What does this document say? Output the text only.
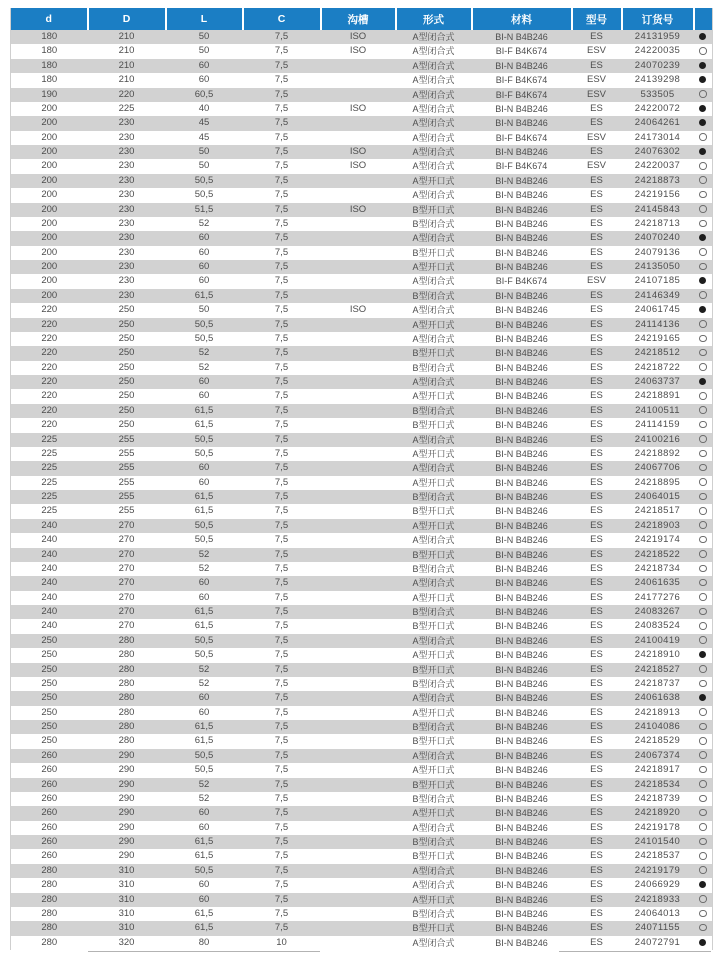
d	D	L	C	沟槽	形式	材料	型号	订货号	
180	210	50	7,5	ISO	A型闭合式	BI-N B4B246	ES	24131959	
180	210	50	7,5	ISO	A型闭合式	BI-F B4K674	ESV	24220035	
180	210	60	7,5		A型闭合式	BI-N B4B246	ES	24070239	
180	210	60	7,5		A型闭合式	BI-F B4K674	ESV	24139298	
190	220	60,5	7,5		A型闭合式	BI-F B4K674	ESV	533505	
200	225	40	7,5	ISO	A型闭合式	BI-N B4B246	ES	24220072	
200	230	45	7,5		A型闭合式	BI-N B4B246	ES	24064261	
200	230	45	7,5		A型闭合式	BI-F B4K674	ESV	24173014	
200	230	50	7,5	ISO	A型闭合式	BI-N B4B246	ES	24076302	
200	230	50	7,5	ISO	A型闭合式	BI-F B4K674	ESV	24220037	
200	230	50,5	7,5		A型开口式	BI-N B4B246	ES	24218873	
200	230	50,5	7,5		A型闭合式	BI-N B4B246	ES	24219156	
200	230	51,5	7,5	ISO	B型开口式	BI-N B4B246	ES	24145843	
200	230	52	7,5		B型闭合式	BI-N B4B246	ES	24218713	
200	230	60	7,5		A型闭合式	BI-N B4B246	ES	24070240	
200	230	60	7,5		B型开口式	BI-N B4B246	ES	24079136	
200	230	60	7,5		A型开口式	BI-N B4B246	ES	24135050	
200	230	60	7,5		A型闭合式	BI-F B4K674	ESV	24107185	
200	230	61,5	7,5		B型闭合式	BI-N B4B246	ES	24146349	
220	250	50	7,5	ISO	A型闭合式	BI-N B4B246	ES	24061745	
220	250	50,5	7,5		A型开口式	BI-N B4B246	ES	24114136	
220	250	50,5	7,5		A型闭合式	BI-N B4B246	ES	24219165	
220	250	52	7,5		B型开口式	BI-N B4B246	ES	24218512	
220	250	52	7,5		B型闭合式	BI-N B4B246	ES	24218722	
220	250	60	7,5		A型闭合式	BI-N B4B246	ES	24063737	
220	250	60	7,5		A型开口式	BI-N B4B246	ES	24218891	
220	250	61,5	7,5		B型闭合式	BI-N B4B246	ES	24100511	
220	250	61,5	7,5		B型开口式	BI-N B4B246	ES	24114159	
225	255	50,5	7,5		A型闭合式	BI-N B4B246	ES	24100216	
225	255	50,5	7,5		A型开口式	BI-N B4B246	ES	24218892	
225	255	60	7,5		A型闭合式	BI-N B4B246	ES	24067706	
225	255	60	7,5		A型开口式	BI-N B4B246	ES	24218895	
225	255	61,5	7,5		B型闭合式	BI-N B4B246	ES	24064015	
225	255	61,5	7,5		B型开口式	BI-N B4B246	ES	24218517	
240	270	50,5	7,5		A型开口式	BI-N B4B246	ES	24218903	
240	270	50,5	7,5		A型闭合式	BI-N B4B246	ES	24219174	
240	270	52	7,5		B型开口式	BI-N B4B246	ES	24218522	
240	270	52	7,5		B型闭合式	BI-N B4B246	ES	24218734	
240	270	60	7,5		A型闭合式	BI-N B4B246	ES	24061635	
240	270	60	7,5		A型开口式	BI-N B4B246	ES	24177276	
240	270	61,5	7,5		B型闭合式	BI-N B4B246	ES	24083267	
240	270	61,5	7,5		B型开口式	BI-N B4B246	ES	24083524	
250	280	50,5	7,5		A型闭合式	BI-N B4B246	ES	24100419	
250	280	50,5	7,5		A型开口式	BI-N B4B246	ES	24218910	
250	280	52	7,5		B型开口式	BI-N B4B246	ES	24218527	
250	280	52	7,5		B型闭合式	BI-N B4B246	ES	24218737	
250	280	60	7,5		A型闭合式	BI-N B4B246	ES	24061638	
250	280	60	7,5		A型开口式	BI-N B4B246	ES	24218913	
250	280	61,5	7,5		B型闭合式	BI-N B4B246	ES	24104086	
250	280	61,5	7,5		B型开口式	BI-N B4B246	ES	24218529	
260	290	50,5	7,5		A型闭合式	BI-N B4B246	ES	24067374	
260	290	50,5	7,5		A型开口式	BI-N B4B246	ES	24218917	
260	290	52	7,5		B型开口式	BI-N B4B246	ES	24218534	
260	290	52	7,5		B型闭合式	BI-N B4B246	ES	24218739	
260	290	60	7,5		A型开口式	BI-N B4B246	ES	24218920	
260	290	60	7,5		A型闭合式	BI-N B4B246	ES	24219178	
260	290	61,5	7,5		B型闭合式	BI-N B4B246	ES	24101540	
260	290	61,5	7,5		B型开口式	BI-N B4B246	ES	24218537	
280	310	50,5	7,5		A型闭合式	BI-N B4B246	ES	24219179	
280	310	60	7,5		A型闭合式	BI-N B4B246	ES	24066929	
280	310	60	7,5		A型开口式	BI-N B4B246	ES	24218933	
280	310	61,5	7,5		B型闭合式	BI-N B4B246	ES	24064013	
280	310	61,5	7,5		B型开口式	BI-N B4B246	ES	24071155	
280	320	80	10		A型闭合式	BI-N B4B246	ES	24072791	
